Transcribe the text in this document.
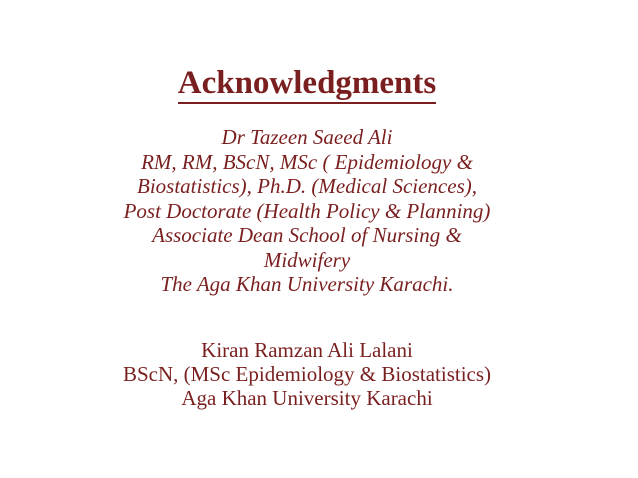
Acknowledgments
Dr Tazeen Saeed Ali
RM, RM, BScN, MSc ( Epidemiology &
Biostatistics), Ph.D. (Medical Sciences),
Post Doctorate (Health Policy & Planning)
Associate Dean School of Nursing &
Midwifery
The Aga Khan University Karachi.
Kiran Ramzan Ali Lalani
BScN, (MSc Epidemiology & Biostatistics)
Aga Khan University Karachi
